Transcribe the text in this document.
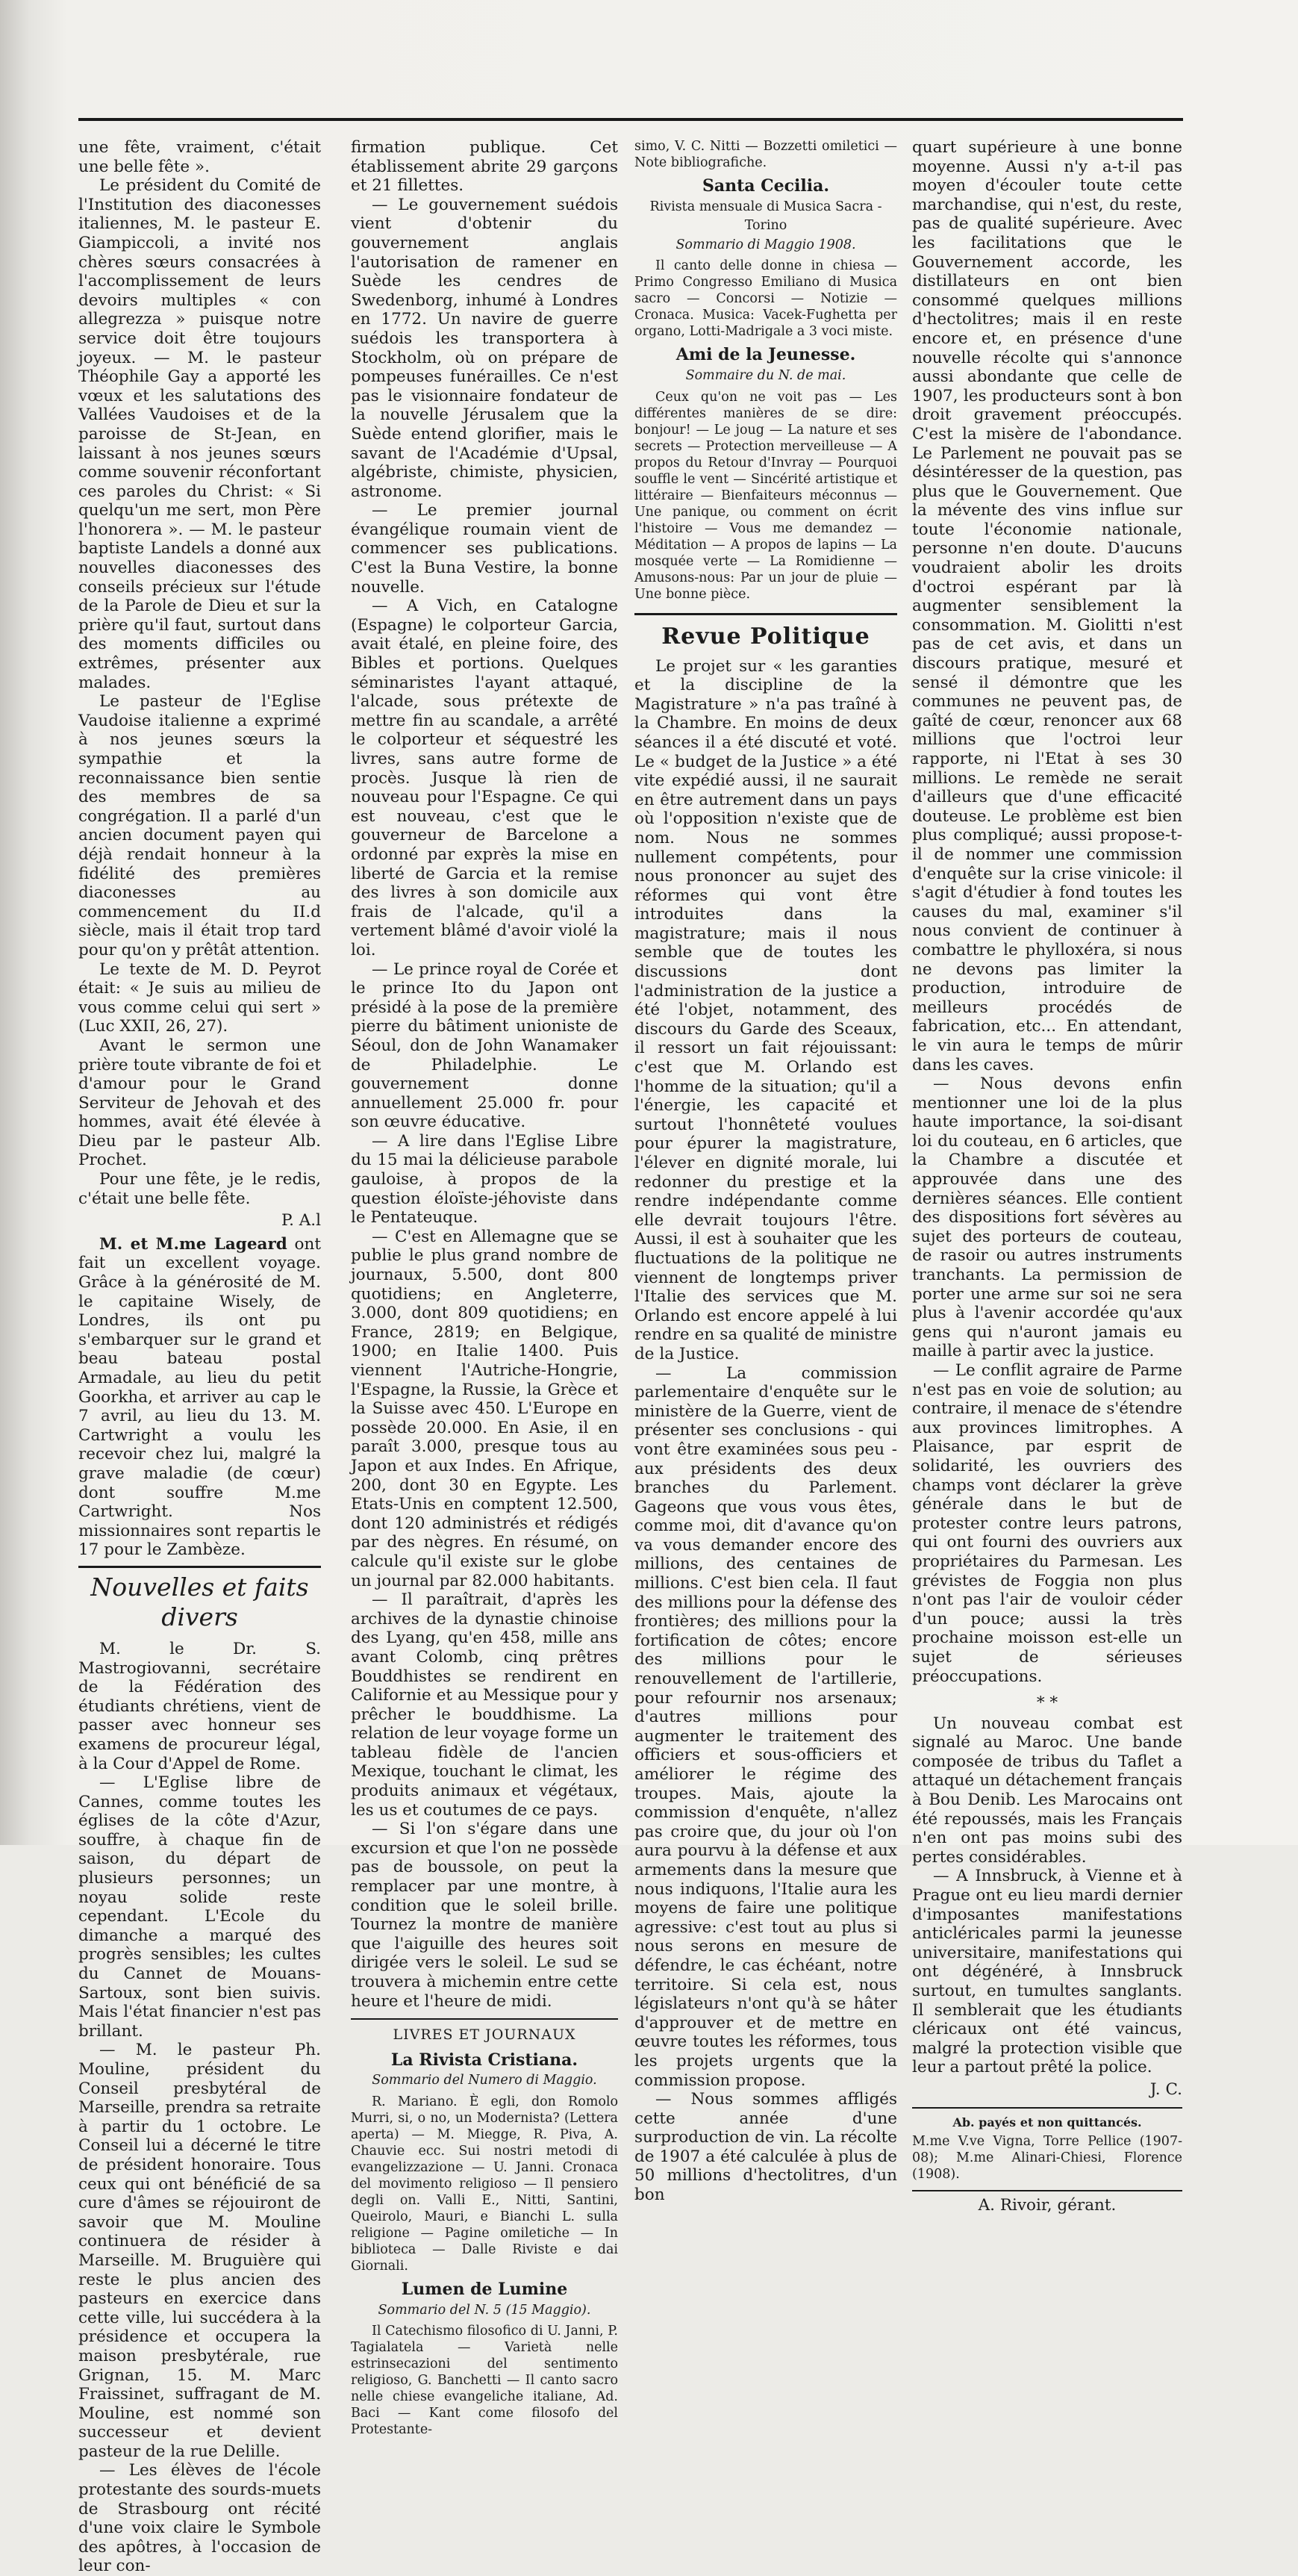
une fête, vraiment, c'était une belle fête ».

Le président du Comité de l'Institution des diaconesses italiennes, M. le pasteur E. Giampiccoli, a invité nos chères sœurs consacrées à l'accomplissement de leurs devoirs multiples « con allegrezza » puisque notre service doit être toujours joyeux. — M. le pasteur Théophile Gay a apporté les vœux et les salutations des Vallées Vaudoises et de la paroisse de St-Jean, en laissant à nos jeunes sœurs comme souvenir réconfortant ces paroles du Christ: « Si quelqu'un me sert, mon Père l'honorera ». — M. le pasteur baptiste Landels a donné aux nouvelles diaconesses des conseils précieux sur l'étude de la Parole de Dieu et sur la prière qu'il faut, surtout dans des moments difficiles ou extrêmes, présenter aux malades.

Le pasteur de l'Eglise Vaudoise italienne a exprimé à nos jeunes sœurs la sympathie et la reconnaissance bien sentie des membres de sa congrégation. Il a parlé d'un ancien document payen qui déjà rendait honneur à la fidélité des premières diaconesses au commencement du II.d siècle, mais il était trop tard pour qu'on y prêtât attention.

Le texte de M. D. Peyrot était: « Je suis au milieu de vous comme celui qui sert » (Luc XXII, 26, 27).

Avant le sermon une prière toute vibrante de foi et d'amour pour le Grand Serviteur de Jehovah et des hommes, avait été élevée à Dieu par le pasteur Alb. Prochet.

Pour une fête, je le redis, c'était une belle fête.

P. A.l

M. et M.me Lageard ont fait un excellent voyage. Grâce à la générosité de M. le capitaine Wisely, de Londres, ils ont pu s'embarquer sur le grand et beau bateau postal Armadale, au lieu du petit Goorkha, et arriver au cap le 7 avril, au lieu du 13. M. Cartwright a voulu les recevoir chez lui, malgré la grave maladie (de cœur) dont souffre M.me Cartwright. Nos missionnaires sont repartis le 17 pour le Zambèze.

Nouvelles et faits divers

M. le Dr. S. Mastrogiovanni, secrétaire de la Fédération des étudiants chrétiens, vient de passer avec honneur ses examens de procureur légal, à la Cour d'Appel de Rome.

— L'Eglise libre de Cannes, comme toutes les églises de la côte d'Azur, souffre, à chaque fin de saison, du départ de plusieurs personnes; un noyau solide reste cependant. L'Ecole du dimanche a marqué des progrès sensibles; les cultes du Cannet de Mouans-Sartoux, sont bien suivis. Mais l'état financier n'est pas brillant.

— M. le pasteur Ph. Mouline, président du Conseil presbytéral de Marseille, prendra sa retraite à partir du 1 octobre. Le Conseil lui a décerné le titre de président honoraire. Tous ceux qui ont bénéficié de sa cure d'âmes se réjouiront de savoir que M. Mouline continuera de résider à Marseille. M. Bruguière qui reste le plus ancien des pasteurs en exercice dans cette ville, lui succédera à la présidence et occupera la maison presbytérale, rue Grignan, 15. M. Marc Fraissinet, suffragant de M. Mouline, est nommé son successeur et devient pasteur de la rue Delille.

— Les élèves de l'école protestante des sourds-muets de Strasbourg ont récité d'une voix claire le Symbole des apôtres, à l'occasion de leur con-

firmation publique. Cet établissement abrite 29 garçons et 21 fillettes.

— Le gouvernement suédois vient d'obtenir du gouvernement anglais l'autorisation de ramener en Suède les cendres de Swedenborg, inhumé à Londres en 1772. Un navire de guerre suédois les transportera à Stockholm, où on prépare de pompeuses funérailles. Ce n'est pas le visionnaire fondateur de la nouvelle Jérusalem que la Suède entend glorifier, mais le savant de l'Académie d'Upsal, algébriste, chimiste, physicien, astronome.

— Le premier journal évangélique roumain vient de commencer ses publications. C'est la Buna Vestire, la bonne nouvelle.

— A Vich, en Catalogne (Espagne) le colporteur Garcia, avait étalé, en pleine foire, des Bibles et portions. Quelques séminaristes l'ayant attaqué, l'alcade, sous prétexte de mettre fin au scandale, a arrêté le colporteur et séquestré les livres, sans autre forme de procès. Jusque là rien de nouveau pour l'Espagne. Ce qui est nouveau, c'est que le gouverneur de Barcelone a ordonné par exprès la mise en liberté de Garcia et la remise des livres à son domicile aux frais de l'alcade, qu'il a vertement blâmé d'avoir violé la loi.

— Le prince royal de Corée et le prince Ito du Japon ont présidé à la pose de la première pierre du bâtiment unioniste de Séoul, don de John Wanamaker de Philadelphie. Le gouvernement donne annuellement 25.000 fr. pour son œuvre éducative.

— A lire dans l'Eglise Libre du 15 mai la délicieuse parabole gauloise, à propos de la question éloïste-jéhoviste dans le Pentateuque.

— C'est en Allemagne que se publie le plus grand nombre de journaux, 5.500, dont 800 quotidiens; en Angleterre, 3.000, dont 809 quotidiens; en France, 2819; en Belgique, 1900; en Italie 1400. Puis viennent l'Autriche-Hongrie, l'Espagne, la Russie, la Grèce et la Suisse avec 450. L'Europe en possède 20.000. En Asie, il en paraît 3.000, presque tous au Japon et aux Indes. En Afrique, 200, dont 30 en Egypte. Les Etats-Unis en comptent 12.500, dont 120 administrés et rédigés par des nègres. En résumé, on calcule qu'il existe sur le globe un journal par 82.000 habitants.

— Il paraîtrait, d'après les archives de la dynastie chinoise des Lyang, qu'en 458, mille ans avant Colomb, cinq prêtres Bouddhistes se rendirent en Californie et au Messique pour y prêcher le bouddhisme. La relation de leur voyage forme un tableau fidèle de l'ancien Mexique, touchant le climat, les produits animaux et végétaux, les us et coutumes de ce pays.

— Si l'on s'égare dans une excursion et que l'on ne possède pas de boussole, on peut la remplacer par une montre, à condition que le soleil brille. Tournez la montre de manière que l'aiguille des heures soit dirigée vers le soleil. Le sud se trouvera à michemin entre cette heure et l'heure de midi.

LIVRES ET JOURNAUX
La Rivista Cristiana.
Sommario del Numero di Maggio.

R. Mariano. È egli, don Romolo Murri, si, o no, un Modernista? (Lettera aperta) — M. Miegge, R. Piva, A. Chauvie ecc. Sui nostri metodi di evangelizzazione — U. Janni. Cronaca del movimento religioso — Il pensiero degli on. Valli E., Nitti, Santini, Queirolo, Mauri, e Bianchi L. sulla religione — Pagine omiletiche — In biblioteca — Dalle Riviste e dai Giornali.

Lumen de Lumine
Sommario del N. 5 (15 Maggio).

Il Catechismo filosofico di U. Janni, P. Tagialatela — Varietà nelle estrinsecazioni del sentimento religioso, G. Banchetti — Il canto sacro nelle chiese evangeliche italiane, Ad. Baci — Kant come filosofo del Protestante-

simo, V. C. Nitti — Bozzetti omiletici — Note bibliografiche.

Santa Cecilia.
Rivista mensuale di Musica Sacra - Torino
Sommario di Maggio 1908.

Il canto delle donne in chiesa — Primo Congresso Emiliano di Musica sacro — Concorsi — Notizie — Cronaca. Musica: Vacek-Fughetta per organo, Lotti-Madrigale a 3 voci miste.

Ami de la Jeunesse.
Sommaire du N. de mai.

Ceux qu'on ne voit pas — Les différentes manières de se dire: bonjour! — Le joug — La nature et ses secrets — Protection merveilleuse — A propos du Retour d'Invray — Pourquoi souffle le vent — Sincérité artistique et littéraire — Bienfaiteurs méconnus — Une panique, ou comment on écrit l'histoire — Vous me demandez — Méditation — A propos de lapins — La mosquée verte — La Romidienne — Amusons-nous: Par un jour de pluie — Une bonne pièce.

Revue Politique

Le projet sur « les garanties et la discipline de la Magistrature » n'a pas traîné à la Chambre. En moins de deux séances il a été discuté et voté. Le « budget de la Justice » a été vite expédié aussi, il ne saurait en être autrement dans un pays où l'opposition n'existe que de nom. Nous ne sommes nullement compétents, pour nous prononcer au sujet des réformes qui vont être introduites dans la magistrature; mais il nous semble que de toutes les discussions dont l'administration de la justice a été l'objet, notamment, des discours du Garde des Sceaux, il ressort un fait réjouissant: c'est que M. Orlando est l'homme de la situation; qu'il a l'énergie, les capacité et surtout l'honnêteté voulues pour épurer la magistrature, l'élever en dignité morale, lui redonner du prestige et la rendre indépendante comme elle devrait toujours l'être. Aussi, il est à souhaiter que les fluctuations de la politique ne viennent de longtemps priver l'Italie des services que M. Orlando est encore appelé à lui rendre en sa qualité de ministre de la Justice.

— La commission parlementaire d'enquête sur le ministère de la Guerre, vient de présenter ses conclusions - qui vont être examinées sous peu - aux présidents des deux branches du Parlement. Gageons que vous vous êtes, comme moi, dit d'avance qu'on va vous demander encore des millions, des centaines de millions. C'est bien cela. Il faut des millions pour la défense des frontières; des millions pour la fortification de côtes; encore des millions pour le renouvellement de l'artillerie, pour refournir nos arsenaux; d'autres millions pour augmenter le traitement des officiers et sous-officiers et améliorer le régime des troupes. Mais, ajoute la commission d'enquête, n'allez pas croire que, du jour où l'on aura pourvu à la défense et aux armements dans la mesure que nous indiquons, l'Italie aura les moyens de faire une politique agressive: c'est tout au plus si nous serons en mesure de défendre, le cas échéant, notre territoire. Si cela est, nous législateurs n'ont qu'à se hâter d'approuver et de mettre en œuvre toutes les réformes, tous les projets urgents que la commission propose.

— Nous sommes affligés cette année d'une surproduction de vin. La récolte de 1907 a été calculée à plus de 50 millions d'hectolitres, d'un bon

quart supérieure à une bonne moyenne. Aussi n'y a-t-il pas moyen d'écouler toute cette marchandise, qui n'est, du reste, pas de qualité supérieure. Avec les facilitations que le Gouvernement accorde, les distillateurs en ont bien consommé quelques millions d'hectolitres; mais il en reste encore et, en présence d'une nouvelle récolte qui s'annonce aussi abondante que celle de 1907, les producteurs sont à bon droit gravement préoccupés. C'est la misère de l'abondance. Le Parlement ne pouvait pas se désintéresser de la question, pas plus que le Gouvernement. Que la mévente des vins influe sur toute l'économie nationale, personne n'en doute. D'aucuns voudraient abolir les droits d'octroi espérant par là augmenter sensiblement la consommation. M. Giolitti n'est pas de cet avis, et dans un discours pratique, mesuré et sensé il démontre que les communes ne peuvent pas, de gaîté de cœur, renoncer aux 68 millions que l'octroi leur rapporte, ni l'Etat à ses 30 millions. Le remède ne serait d'ailleurs que d'une efficacité douteuse. Le problème est bien plus compliqué; aussi propose-t-il de nommer une commission d'enquête sur la crise vinicole: il s'agit d'étudier à fond toutes les causes du mal, examiner s'il nous convient de continuer à combattre le phylloxéra, si nous ne devons pas limiter la production, introduire de meilleurs procédés de fabrication, etc... En attendant, le vin aura le temps de mûrir dans les caves.

— Nous devons enfin mentionner une loi de la plus haute importance, la soi-disant loi du couteau, en 6 articles, que la Chambre a discutée et approuvée dans une des dernières séances. Elle contient des dispositions fort sévères au sujet des porteurs de couteau, de rasoir ou autres instruments tranchants. La permission de porter une arme sur soi ne sera plus à l'avenir accordée qu'aux gens qui n'auront jamais eu maille à partir avec la justice.

— Le conflit agraire de Parme n'est pas en voie de solution; au contraire, il menace de s'étendre aux provinces limitrophes. A Plaisance, par esprit de solidarité, les ouvriers des champs vont déclarer la grève générale dans le but de protester contre leurs patrons, qui ont fourni des ouvriers aux propriétaires du Parmesan. Les grévistes de Foggia non plus n'ont pas l'air de vouloir céder d'un pouce; aussi la très prochaine moisson est-elle un sujet de sérieuses préoccupations.

* *

Un nouveau combat est signalé au Maroc. Une bande composée de tribus du Taflet a attaqué un détachement français à Bou Denib. Les Marocains ont été repoussés, mais les Français n'en ont pas moins subi des pertes considérables.

— A Innsbruck, à Vienne et à Prague ont eu lieu mardi dernier d'imposantes manifestations anticléricales parmi la jeunesse universitaire, manifestations qui ont dégénéré, à Innsbruck surtout, en tumultes sanglants. Il semblerait que les étudiants cléricaux ont été vaincus, malgré la protection visible que leur a partout prêté la police.

J. C.
Ab. payés et non quittancés.

M.me V.ve Vigna, Torre Pellice (1907-08); M.me Alinari-Chiesi, Florence (1908).

A. Rivoir, gérant.
